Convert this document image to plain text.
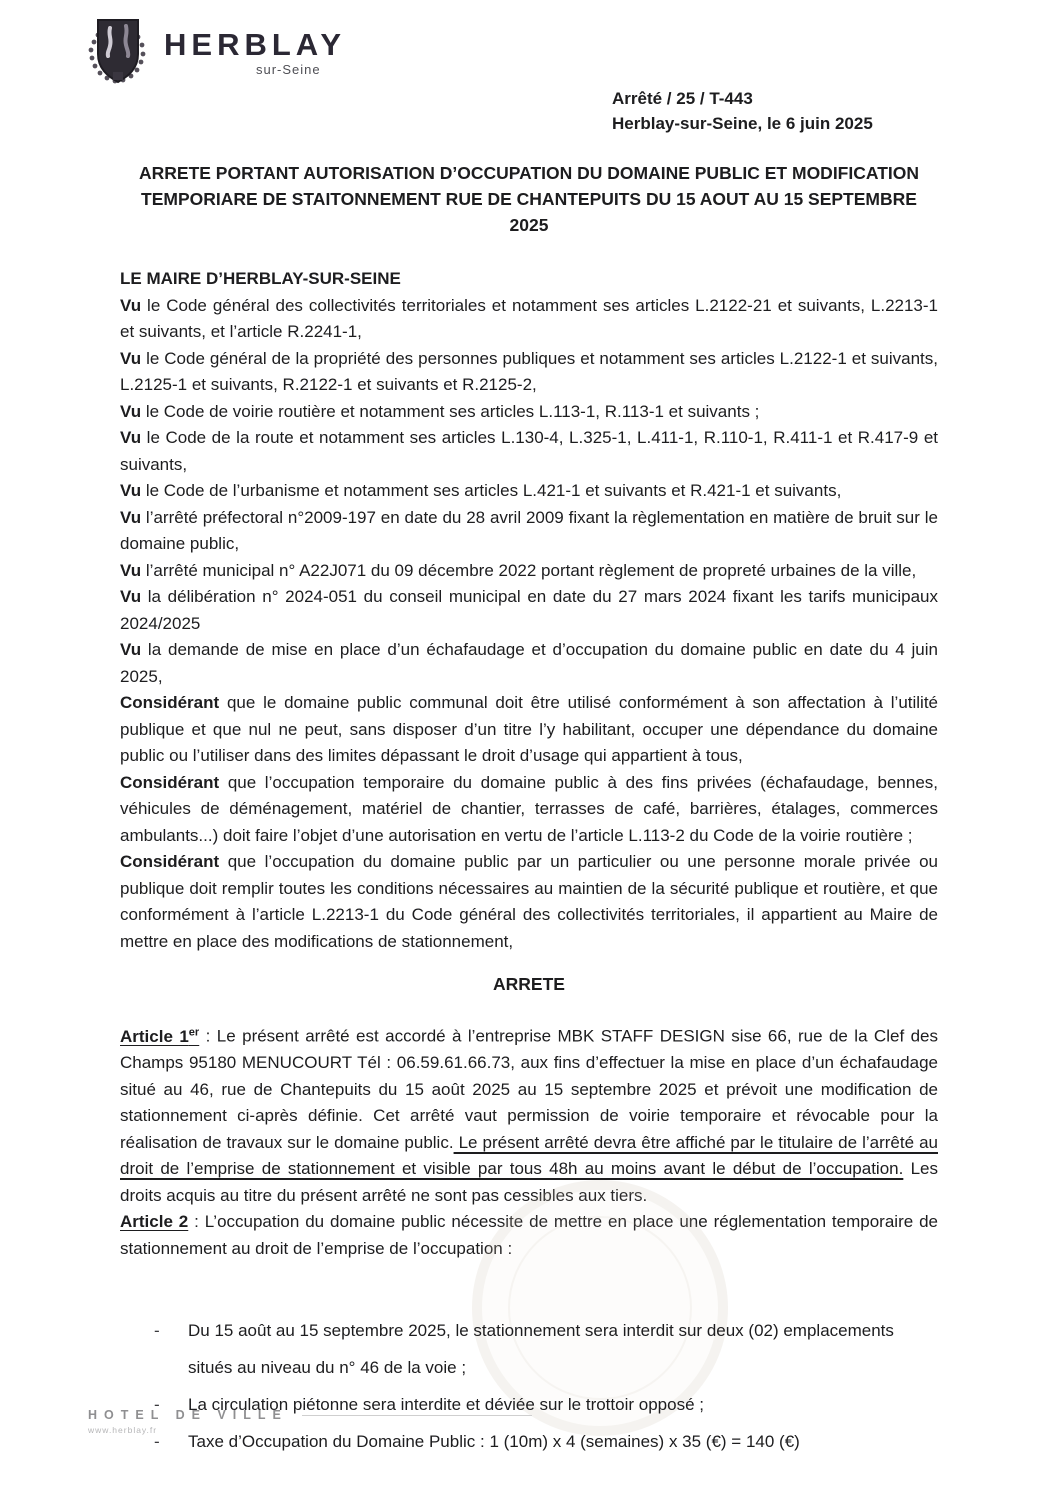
HERBLAY
sur-Seine
Arrêté / 25 / T-443
Herblay-sur-Seine, le 6 juin 2025
ARRETE PORTANT AUTORISATION D’OCCUPATION DU DOMAINE PUBLIC ET MODIFICATION
TEMPORIARE DE STAITONNEMENT RUE DE CHANTEPUITS DU 15 AOUT AU 15 SEPTEMBRE 2025

LE MAIRE D’HERBLAY-SUR-SEINE

Vu le Code général des collectivités territoriales et notamment ses articles L.2122-21 et suivants, L.2213-1 et suivants, et l’article R.2241-1,

Vu le Code général de la propriété des personnes publiques et notamment ses articles L.2122-1 et suivants, L.2125-1 et suivants, R.2122-1 et suivants et R.2125-2,

Vu le Code de voirie routière et notamment ses articles L.113-1, R.113-1 et suivants ;

Vu le Code de la route et notamment ses articles L.130-4, L.325-1, L.411-1, R.110-1, R.411-1 et R.417-9 et suivants,

Vu le Code de l’urbanisme et notamment ses articles L.421-1 et suivants et R.421-1 et suivants,

Vu l’arrêté préfectoral n°2009-197 en date du 28 avril 2009 fixant la règlementation en matière de bruit sur le domaine public,

Vu l’arrêté municipal n° A22J071 du 09 décembre 2022 portant règlement de propreté urbaines de la ville,

Vu la délibération n° 2024-051 du conseil municipal en date du 27 mars 2024 fixant les tarifs municipaux 2024/2025

Vu la demande de mise en place d’un échafaudage et d’occupation du domaine public en date du 4 juin 2025,

Considérant que le domaine public communal doit être utilisé conformément à son affectation à l’utilité publique et que nul ne peut, sans disposer d’un titre l’y habilitant, occuper une dépendance du domaine public ou l’utiliser dans des limites dépassant le droit d’usage qui appartient à tous,

Considérant que l’occupation temporaire du domaine public à des fins privées (échafaudage, bennes, véhicules de déménagement, matériel de chantier, terrasses de café, barrières, étalages, commerces ambulants...) doit faire l’objet d’une autorisation en vertu de l’article L.113-2 du Code de la voirie routière ;

Considérant que l’occupation du domaine public par un particulier ou une personne morale privée ou publique doit remplir toutes les conditions nécessaires au maintien de la sécurité publique et routière, et que conformément à l’article L.2213-1 du Code général des collectivités territoriales, il appartient au Maire de mettre en place des modifications de stationnement,

ARRETE

Article 1er : Le présent arrêté est accordé à l’entreprise MBK STAFF DESIGN sise 66, rue de la Clef des Champs 95180 MENUCOURT Tél : 06.59.61.66.73, aux fins d’effectuer la mise en place d’un échafaudage situé au 46, rue de Chantepuits du 15 août 2025 au 15 septembre 2025 et prévoit une modification de stationnement ci-après définie. Cet arrêté vaut permission de voirie temporaire et révocable pour la réalisation de travaux sur le domaine public. Le présent arrêté devra être affiché par le titulaire de l’arrêté au droit de l’emprise de stationnement et visible par tous 48h au moins avant le début de l’occupation. Les droits acquis au titre du présent arrêté ne sont pas cessibles aux tiers.

Article 2 : L’occupation du domaine public nécessite de mettre en place une réglementation temporaire de stationnement au droit de l’emprise de l’occupation :

- Du 15 août au 15 septembre 2025, le stationnement sera interdit sur deux (02) emplacements situés au niveau du n° 46 de la voie ;
- La circulation piétonne sera interdite et déviée sur le trottoir opposé ;
- Taxe d’Occupation du Domaine Public : 1 (10m) x 4 (semaines) x 35 (€) = 140 (€)
HOTEL DE VILLE

www.herblay.fr
